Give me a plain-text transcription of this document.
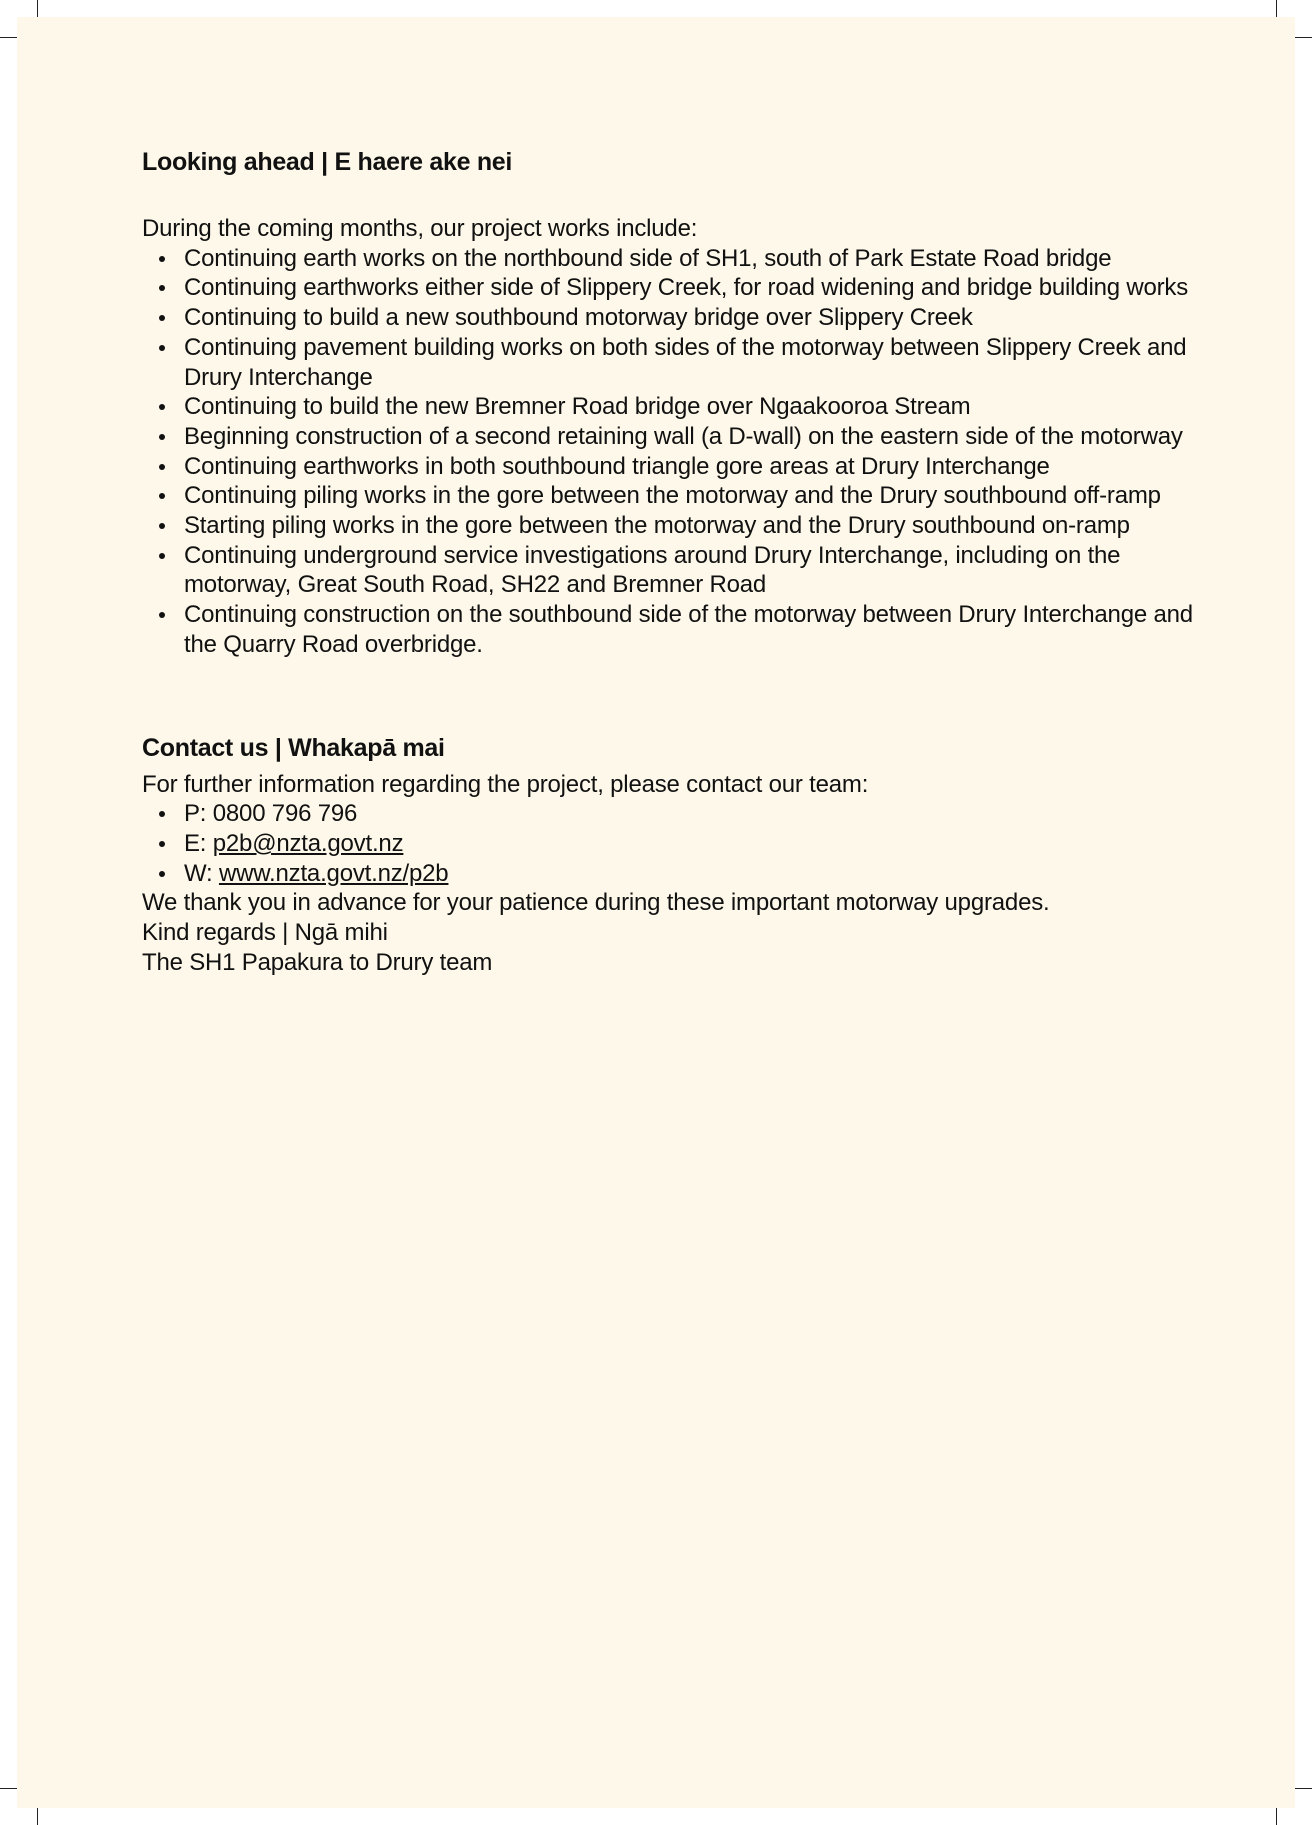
Looking ahead | E haere ake nei

During the coming months, our project works include:

Continuing earth works on the northbound side of SH1, south of Park Estate Road bridge
Continuing earthworks either side of Slippery Creek, for road widening and bridge building works
Continuing to build a new southbound motorway bridge over Slippery Creek
Continuing pavement building works on both sides of the motorway between Slippery Creek and Drury Interchange
Continuing to build the new Bremner Road bridge over Ngaakooroa Stream
Beginning construction of a second retaining wall (a D-wall) on the eastern side of the motorway
Continuing earthworks in both southbound triangle gore areas at Drury Interchange
Continuing piling works in the gore between the motorway and the Drury southbound off-ramp
Starting piling works in the gore between the motorway and the Drury southbound on-ramp
Continuing underground service investigations around Drury Interchange, including on the motorway, Great South Road, SH22 and Bremner Road
Continuing construction on the southbound side of the motorway between Drury Interchange and the Quarry Road overbridge.
Contact us | Whakapā mai

For further information regarding the project, please contact our team:

P: 0800 796 796
E: p2b@nzta.govt.nz
W: www.nzta.govt.nz/p2b

We thank you in advance for your patience during these important motorway upgrades.

Kind regards | Ngā mihi

The SH1 Papakura to Drury team
